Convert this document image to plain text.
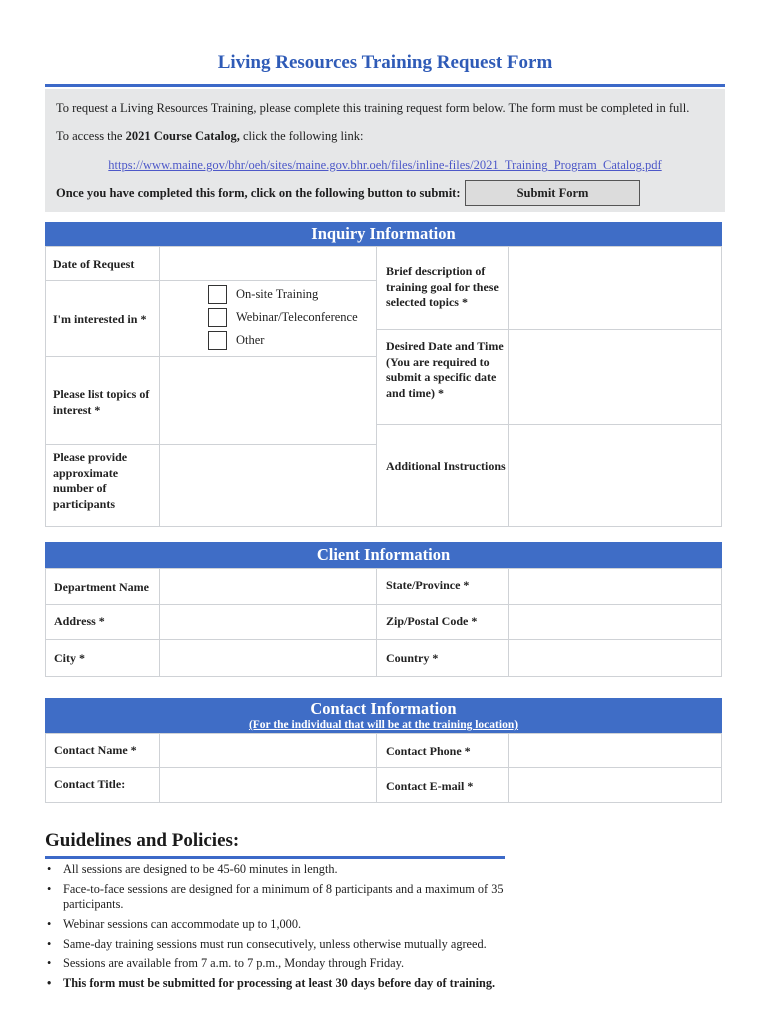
Living Resources Training Request Form
To request a Living Resources Training, please complete this training request form below. The form must be completed in full.
To access the 2021 Course Catalog, click the following link:
https://www.maine.gov/bhr/oeh/sites/maine.gov.bhr.oeh/files/inline-files/2021_Training_Program_Catalog.pdf
Once you have completed this form, click on the following button to submit:	Submit Form
Inquiry Information
Date of Request
I'm interested in *
Please list topics of interest *
Please provide approximate number of participants
Brief description of training goal for these selected topics *
Desired Date and Time (You are required to submit a specific date and time) *
Additional Instructions
On-site Training
Webinar/Teleconference
Other
Client Information
Department Name
Address *
City *
State/Province *
Zip/Postal Code *
Country *
Contact Information
(For the individual that will be at the training location)
Contact Name *
Contact Title:
Contact Phone *
Contact E-mail *
Guidelines and Policies:
• All sessions are designed to be 45-60 minutes in length.
• Face-to-face sessions are designed for a minimum of 8 participants and a maximum of 35 participants.
• Webinar sessions can accommodate up to 1,000.
• Same-day training sessions must run consecutively, unless otherwise mutually agreed.
• Sessions are available from 7 a.m. to 7 p.m., Monday through Friday.
• This form must be submitted for processing at least 30 days before day of training.
